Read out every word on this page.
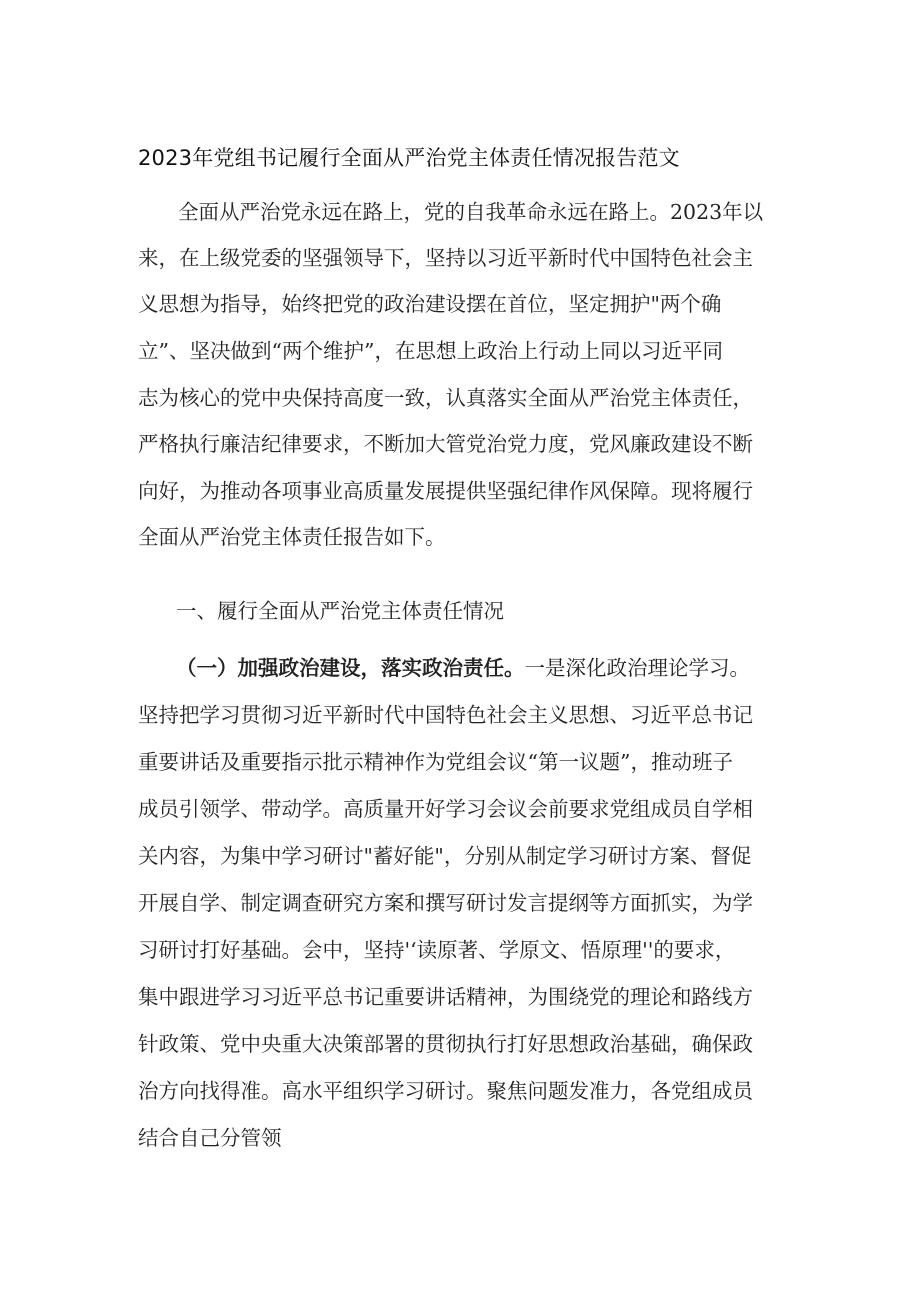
2023年党组书记履行全面从严治党主体责任情况报告范文
全面从严治党永远在路上，党的自我革命永远在路上。2023年以
来，在上级党委的坚强领导下，坚持以习近平新时代中国特色社会主
义思想为指导，始终把党的政治建设摆在首位，坚定拥护"两个确
立”、坚决做到“两个维护”，在思想上政治上行动上同以习近平同
志为核心的党中央保持高度一致，认真落实全面从严治党主体责任，
严格执行廉洁纪律要求，不断加大管党治党力度，党风廉政建设不断
向好，为推动各项事业高质量发展提供坚强纪律作风保障。现将履行
全面从严治党主体责任报告如下。
一、履行全面从严治党主体责任情况
（一）加强政治建设，落实政治责任。一是深化政治理论学习。
坚持把学习贯彻习近平新时代中国特色社会主义思想、习近平总书记
重要讲话及重要指示批示精神作为党组会议“第一议题”，推动班子
成员引领学、带动学。高质量开好学习会议会前要求党组成员自学相
关内容，为集中学习研讨"蓄好能"，分别从制定学习研讨方案、督促
开展自学、制定调查研究方案和撰写研讨发言提纲等方面抓实，为学
习研讨打好基础。会中，坚持'‘读原著、学原文、悟原理''的要求，
集中跟进学习习近平总书记重要讲话精神，为围绕党的理论和路线方
针政策、党中央重大决策部署的贯彻执行打好思想政治基础，确保政
治方向找得准。高水平组织学习研讨。聚焦问题发准力，各党组成员
结合自己分管领
